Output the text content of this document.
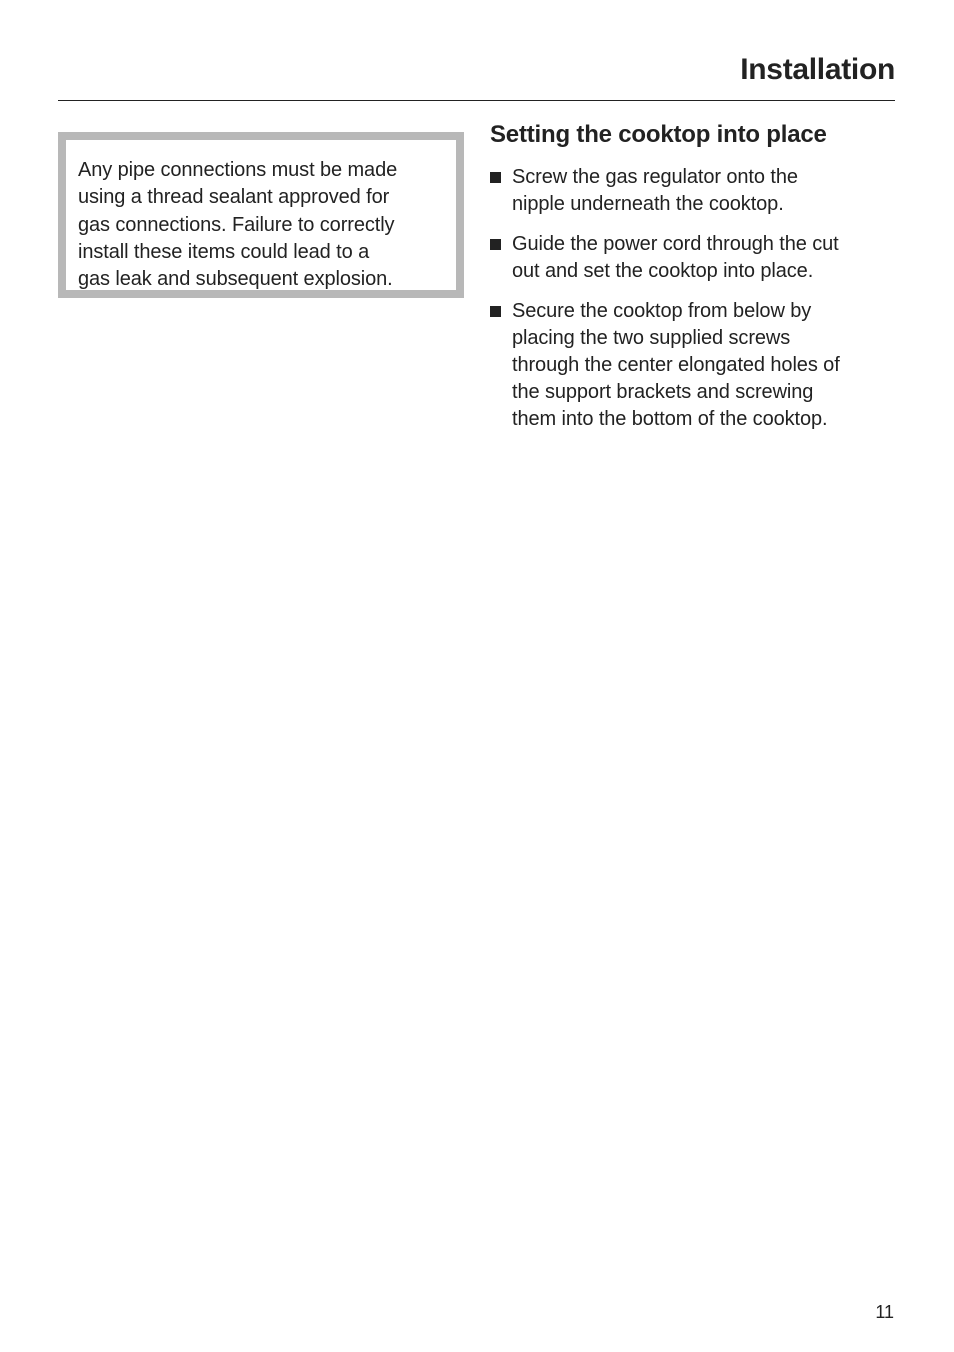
Installation

Any pipe connections must be made
using a thread sealant approved for
gas connections. Failure to correctly
install these items could lead to a
gas leak and subsequent explosion.

Setting the cooktop into place
Screw the gas regulator onto the
nipple underneath the cooktop.
Guide the power cord through the cut
out and set the cooktop into place.
Secure the cooktop from below by
placing the two supplied screws
through the center elongated holes of
the support brackets and screwing
them into the bottom of the cooktop.
11
